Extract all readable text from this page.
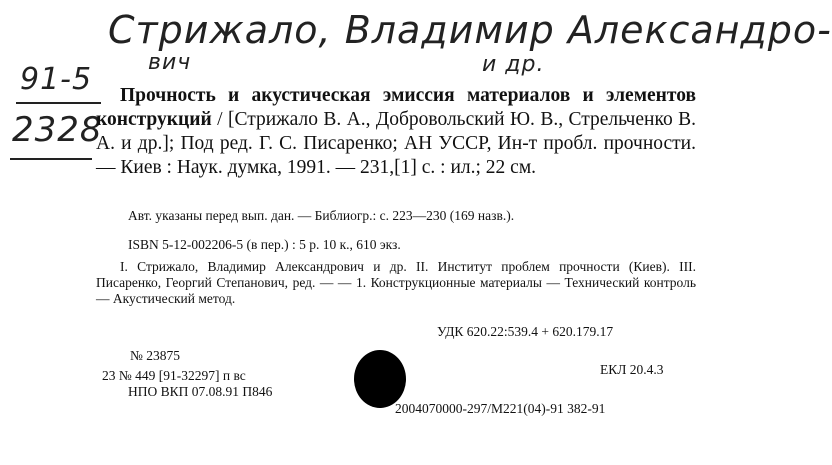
Стрижало, Владимир Александро-
вич	и др.
91-5
2328
Прочность и акустическая эмиссия материалов и элементов конструкций / [Стрижало В. А., Добровольский Ю. В., Стрельченко В. А. и др.]; Под ред. Г. С. Писаренко; АН УССР, Ин-т пробл. прочности. — Киев : Наук. думка, 1991. — 231,[1] с. : ил.; 22 см.
Авт. указаны перед вып. дан. — Библиогр.: с. 223—230 (169 назв.).
ISBN 5-12-002206-5 (в пер.) : 5 р. 10 к., 610 экз.
I. Стрижало, Владимир Александрович и др. II. Институт проблем прочности (Киев). III. Писаренко, Георгий Степанович, ред. — — 1. Конструкционные материалы — Технический контроль — Акустический метод.
УДК 620.22:539.4 + 620.179.17
№ 23875
23 № 449 [91-32297] п вс
НПО ВКП 07.08.91 П846
ЕКЛ 20.4.3
2004070000-297/М221(04)-91 382-91
